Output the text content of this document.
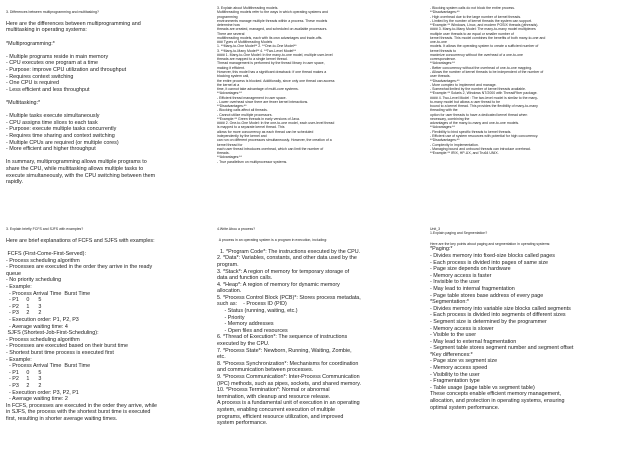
3. Differences between multiprogramming and multitasking?

Here are the differences between multiprogramming and
multitasking in operating systems:

*Multiprogramming:*

- Multiple programs reside in main memory
- CPU executes one program at a time
- Purpose: improve CPU utilization and throughput
- Requires context switching
- One CPU is required
- Less efficient and less throughput

*Multitasking:*

- Multiple tasks execute simultaneously
- CPU assigns time slices to each task
- Purpose: execute multiple tasks concurrently
- Requires time sharing and context switching
- Multiple CPUs are required (or multiple cores)
- More efficient and higher throughput

In summary, multiprogramming allows multiple programs to
share the CPU, while multitasking allows multiple tasks to
execute simultaneously, with the CPU switching between them
rapidly.
3. Explain about Multithreading models.
Multithreading models refer to the ways in which operating systems and
programming
environments manage multiple threads within a process. These models
determine how
threads are created, managed, and scheduled on available processors.
There are several
multithreading models, each with its own advantages and trade-offs.
### Types of Multithreading Models
1. **Many-to-One Model** 2. **One-to-One Model**
3. **Many-to-Many Model** 4. **Two-Level Model**
#### 1. Many-to-One Model: In the many-to-one model, multiple user-level
threads are mapped to a single kernel thread.
Thread management is performed by the thread library in user space,
making it efficient.
However, this model has a significant drawback: if one thread makes a
blocking system call,
the entire process is blocked. Additionally, since only one thread can access
the kernel at a
time, it cannot take advantage of multi-core systems.
**Advantages:**
- Efficient thread management in user space.
- Lower overhead since there are fewer kernel interactions.
**Disadvantages:**
- Blocking calls affect all threads.
- Cannot utilize multiple processors.
**Example:** Green threads in early versions of Java.
#### 2. One-to-One Model: In the one-to-one model, each user-level thread
is mapped to a separate kernel thread. This
allows for more concurrency as each thread can be scheduled
independently by the kernel and
can run on different processors simultaneously. However, the creation of a
kernel thread for
each user thread introduces overhead, which can limit the number of
threads.
**Advantages:**
- True parallelism on multiprocessor systems.
- Blocking system calls do not block the entire process.
**Disadvantages:**
- High overhead due to the large number of kernel threads.
- Limited by the number of kernel threads the system can support.
**Example:** Windows, Linux, and modern POSIX threads (pthreads).
#### 3. Many-to-Many Model: The many-to-many model multiplexes
multiple user threads to an equal or smaller number of
kernel threads. This model combines the benefits of both many-to-one and
one-to-one
models. It allows the operating system to create a sufficient number of
kernel threads to
maximize concurrency without the overhead of a one-to-one
correspondence.
**Advantages:**
- Better concurrency without the overhead of one-to-one mapping.
- Allows the number of kernel threads to be independent of the number of
user threads.
**Disadvantages:**
- More complex to implement and manage.
- Somewhat limited by the number of kernel threads available.
**Example:** Solaris 2, Windows NT/2000 with ThreadFiber package.
#### 4. Two-Level Model : The two-level model is similar to the many-
to-many model but allows a user thread to be
bound to a kernel thread. This provides the flexibility of many-to-many
threading with the
option for user threads to have a dedicated kernel thread when
necessary, combining the
advantages of the many-to-many and one-to-one models.
**Advantages:**
- Flexibility to bind specific threads to kernel threads.
- Efficient use of system resources with potential for high concurrency.
**Disadvantages:**
- Complexity in implementation.
- Managing bound and unbound threads can introduce overhead.
**Example:** IRIX, HP-UX, and Tru64 UNIX.
3. Explain briefly FCFS and SJFS with examples?

Here are brief explanations of FCFS and SJFS with examples:

FCFS (First-Come-First-Served):
- Process scheduling algorithm
- Processes are executed in the order they arrive in the ready
queue
- No priority scheduling
- Example:
- Process Arrival Time  Burst Time
- P1     0      5
- P2     1      3
- P3     2      2
- Execution order: P1, P2, P3
- Average waiting time: 4
SJFS (Shortest-Job-First-Scheduling):
- Process scheduling algorithm
- Processes are executed based on their burst time
- Shortest burst time process is executed first
- Example:
- Process Arrival Time  Burst Time
- P1     0      5
- P2     1      3
- P3     2      2
- Execution order: P3, P2, P1
- Average waiting time: 2
In FCFS, processes are executed in the order they arrive, while
in SJFS, the process with the shortest burst time is executed
first, resulting in shorter average waiting times.
4.Write Abou a process?

A process in an operating system is a program in execution, including:

1. *Program Code*: The instructions executed by the CPU.
2. *Data*: Variables, constants, and other data used by the
program.
3. *Stack*: A region of memory for temporary storage of
data and function calls.
4. *Heap*: A region of memory for dynamic memory
allocation.
5. *Process Control Block (PCB)*: Stores process metadata,
such as:    - Process ID (PID)
- Status (running, waiting, etc.)
- Priority
- Memory addresses
- Open files and resources
6. *Thread of Execution*: The sequence of instructions
executed by the CPU.
7. *Process State*: Newborn, Running, Waiting, Zombie,
etc.
8. *Process Synchronization*: Mechanisms for coordination
and communication between processes.
9. *Process Communication*: Inter-Process Communication
(IPC) methods, such as pipes, sockets, and shared memory.
10. *Process Termination*: Normal or abnormal
termination, with cleanup and resource release.
A process is a fundamental unit of execution in an operating
system, enabling concurrent execution of multiple
programs, efficient resource utilization, and improved
system performance.
Unit_3
1.Explain paging and Segmentation?

Here are the key points about paging and segmentation in operating systems:
*Paging:*
- Divides memory into fixed-size blocks called pages
- Each process is divided into pages of same size
- Page size depends on hardware
- Memory access is faster
- Invisible to the user
- May lead to internal fragmentation
- Page table stores base address of every page
*Segmentation:*
- Divides memory into variable size blocks called segments
- Each process is divided into segments of different sizes
- Segment size is determined by the programmer
- Memory access is slower
- Visible to the user
- May lead to external fragmentation
- Segment table stores segment number and segment offset
*Key differences:*
- Page size vs segment size
- Memory access speed
- Visibility to the user
- Fragmentation type
- Table usage (page table vs segment table)
These concepts enable efficient memory management,
allocation, and protection in operating systems, ensuring
optimal system performance.
